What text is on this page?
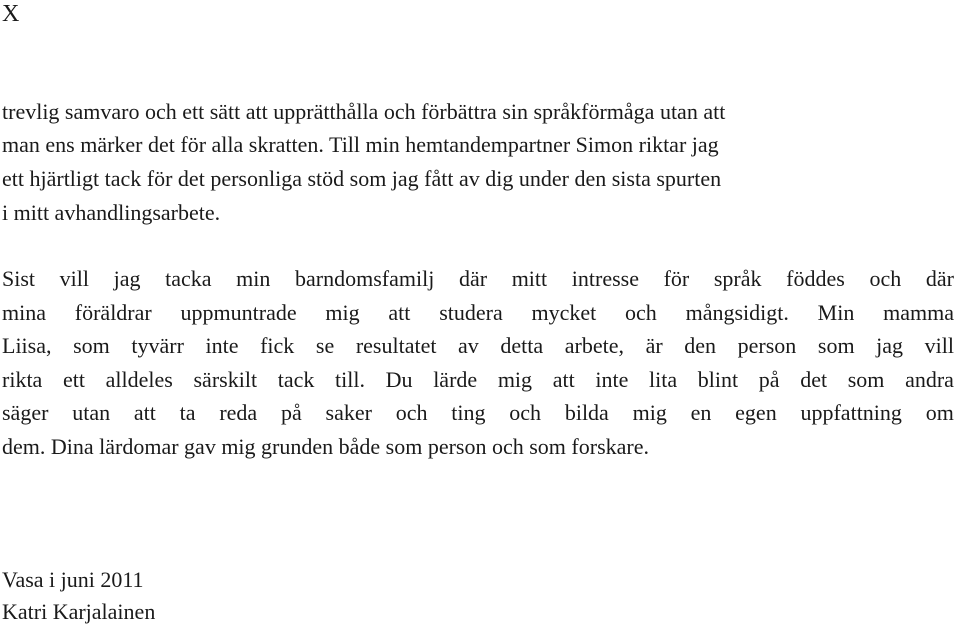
X
trevlig samvaro och ett sätt att upprätthålla och förbättra sin språkförmåga utan att
man ens märker det för alla skratten. Till min hemtandempartner Simon riktar jag
ett hjärtligt tack för det personliga stöd som jag fått av dig under den sista spurten
i mitt avhandlingsarbete.
Sist vill jag tacka min barndomsfamilj där mitt intresse för språk föddes och där
mina föräldrar uppmuntrade mig att studera mycket och mångsidigt. Min mamma
Liisa, som tyvärr inte fick se resultatet av detta arbete, är den person som jag vill
rikta ett alldeles särskilt tack till. Du lärde mig att inte lita blint på det som andra
säger utan att ta reda på saker och ting och bilda mig en egen uppfattning om
dem. Dina lärdomar gav mig grunden både som person och som forskare.
Vasa i juni 2011
Katri Karjalainen
